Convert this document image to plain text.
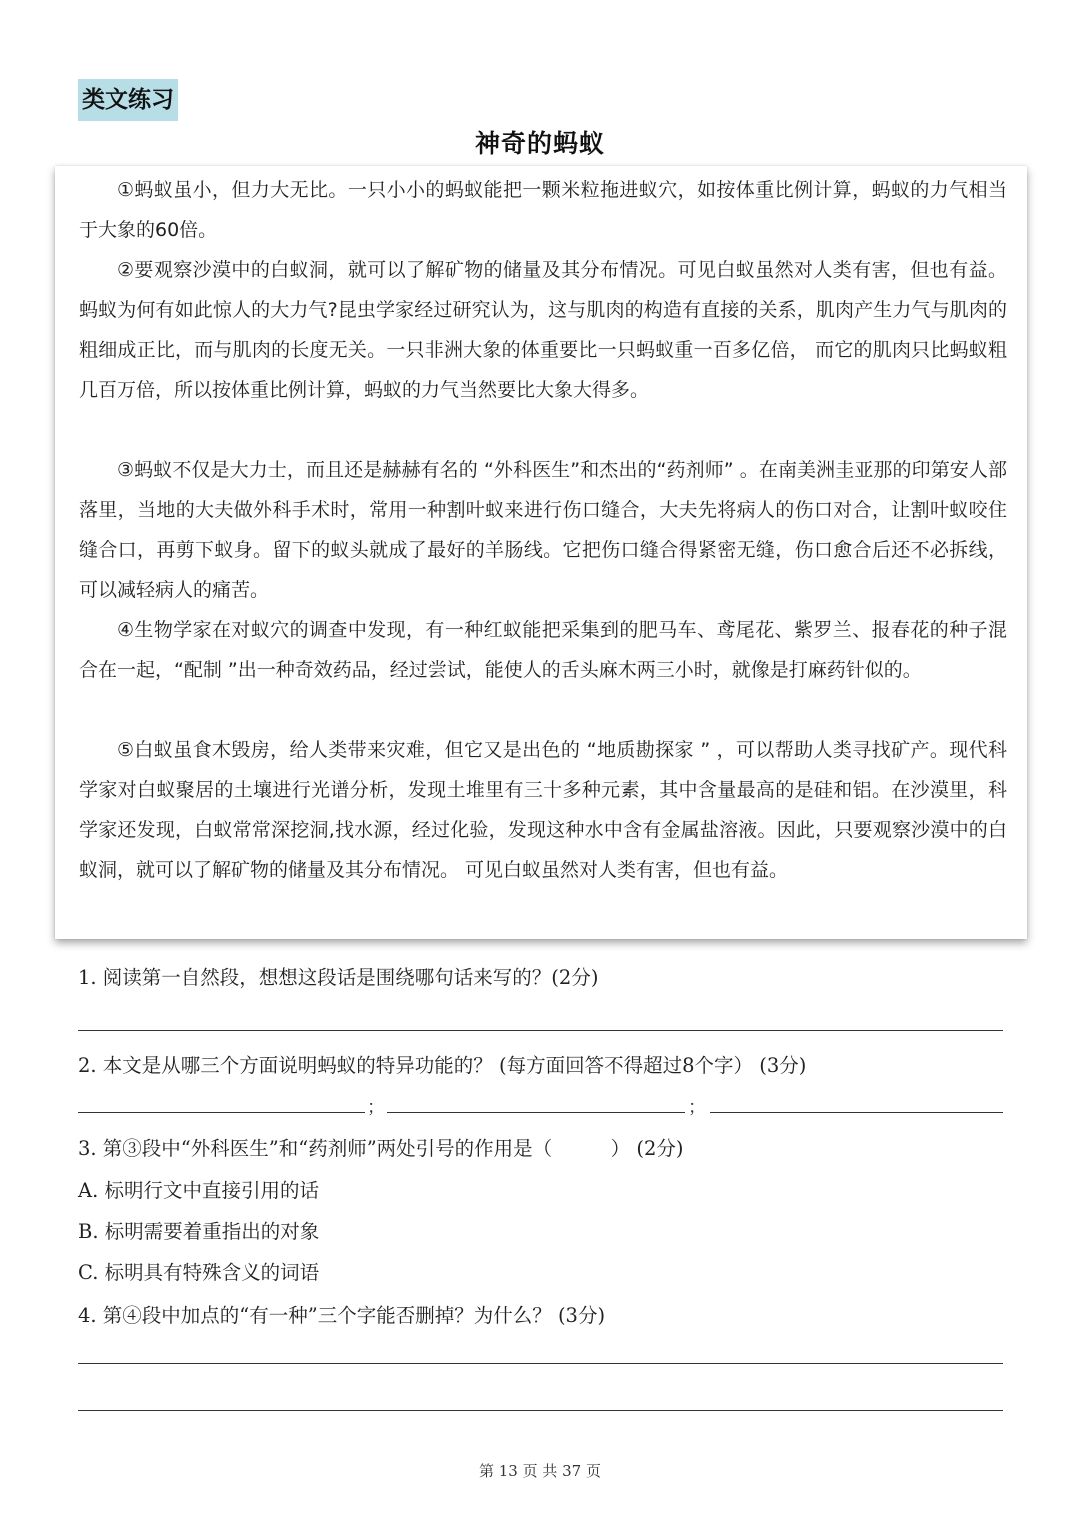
类文练习
神奇的蚂蚁

①蚂蚁虽小，但力大无比。一只小小的蚂蚁能把一颗米粒拖进蚁穴，如按体重比例计算，蚂蚁的力气相当于大象的60倍。

②要观察沙漠中的白蚁洞，就可以了解矿物的储量及其分布情况。可见白蚁虽然对人类有害，但也有益。蚂蚁为何有如此惊人的大力气?昆虫学家经过研究认为，这与肌肉的构造有直接的关系，肌肉产生力气与肌肉的粗细成正比，而与肌肉的长度无关。一只非洲大象的体重要比一只蚂蚁重一百多亿倍， 而它的肌肉只比蚂蚁粗几百万倍，所以按体重比例计算，蚂蚁的力气当然要比大象大得多。

③蚂蚁不仅是大力士，而且还是赫赫有名的 “外科医生”和杰出的“药剂师” 。在南美洲圭亚那的印第安人部落里，当地的大夫做外科手术时，常用一种割叶蚁来进行伤口缝合，大夫先将病人的伤口对合，让割叶蚁咬住缝合口，再剪下蚁身。留下的蚁头就成了最好的羊肠线。它把伤口缝合得紧密无缝，伤口愈合后还不必拆线，可以减轻病人的痛苦。

④生物学家在对蚁穴的调查中发现，有一种红蚁能把采集到的肥马车、鸢尾花、紫罗兰、报春花的种子混合在一起，“配制 ”出一种奇效药品，经过尝试，能使人的舌头麻木两三小时，就像是打麻药针似的。

⑤白蚁虽食木毁房，给人类带来灾难，但它又是出色的 “地质勘探家 ” ，可以帮助人类寻找矿产。现代科学家对白蚁聚居的土壤进行光谱分析，发现土堆里有三十多种元素，其中含量最高的是硅和铝。在沙漠里，科学家还发现，白蚁常常深挖洞,找水源，经过化验，发现这种水中含有金属盐溶液。因此，只要观察沙漠中的白蚁洞，就可以了解矿物的储量及其分布情况。 可见白蚁虽然对人类有害，但也有益。

1. 阅读第一自然段，想想这段话是围绕哪句话来写的？(2分)
2. 本文是从哪三个方面说明蚂蚁的特异功能的？ (每方面回答不得超过8个字） (3分)
；	；
3. 第③段中“外科医生”和“药剂师”两处引号的作用是（　　　） (2分)
A. 标明行文中直接引用的话
B. 标明需要着重指出的对象
C. 标明具有特殊含义的词语
4. 第④段中加点的“有一种”三个字能否删掉？为什么？ (3分)
第 13 页 共 37 页
